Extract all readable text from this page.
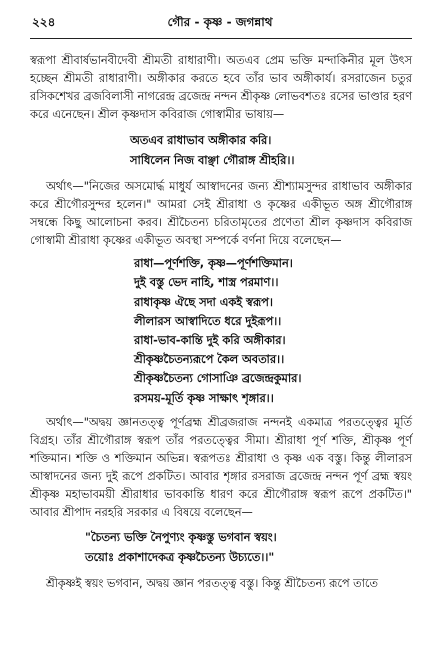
২২৪	গৌর - কৃষ্ণ - জগন্নাথ

স্বরূপা শ্রীবার্ষভানবীদেবী শ্রীমতী রাধারাণী। অতএব প্রেম ভক্তি মন্দাকিনীর মূল উৎস হচ্ছেন শ্রীমতী রাধারাণী। অঙ্গীকার করতে হবে তাঁর ভাব অঙ্গীকার্য। রসরাজেন চতুর রসিকশেখর ব্রজবিলাসী নাগরেন্দ্র ব্রজেন্দ্র নন্দন শ্রীকৃষ্ণ লোভবশতঃ রসের ভাণ্ডার হরণ করে এনেছেন। শ্রীল কৃষ্ণদাস কবিরাজ গোস্বামীর ভাষায়—

অতএব রাধাভাব অঙ্গীকার করি।
সাধিলেন নিজ বাঞ্ছা গৌরাঙ্গ শ্রীহরি।।

অর্থাৎ—"নিজের অসমোর্দ্ধ মাধুর্য আস্বাদনের জন্য শ্রীশ্যামসুন্দর রাধাভাব অঙ্গীকার করে শ্রীগৌরসুন্দর হলেন।" আমরা সেই শ্রীরাধা ও কৃষ্ণের একীভূত অঙ্গ শ্রীগৌরাঙ্গ সম্বন্ধে কিছু আলোচনা করব। শ্রীচৈতন্য চরিতামৃতের প্রণেতা শ্রীল কৃষ্ণদাস কবিরাজ গোস্বামী শ্রীরাধা কৃষ্ণের একীভূত অবস্থা সম্পর্কে বর্ণনা দিয়ে বলেছেন—

রাধা—পূর্ণশক্তি, কৃষ্ণ—পূর্ণশক্তিমান।
দুই বস্তু ভেদ নাহি, শাস্ত্র পরমাণ।।
রাধাকৃষ্ণ ঐছে সদা একই স্বরূপ।
লীলারস আস্বাদিতে ধরে দুইরূপ।।
রাধা-ভাব-কান্তি দুই করি অঙ্গীকার।
শ্রীকৃষ্ণচৈতন্যরূপে কৈল অবতার।।
শ্রীকৃষ্ণচৈতন্য গোসাঞি ব্রজেন্দ্রকুমার।
রসময়-মূর্তি কৃষ্ণ সাক্ষাৎ শৃঙ্গার।।

অর্থাৎ—"অদ্বয় জ্ঞানতত্ত্ব পূর্ণব্রহ্ম শ্রীব্রজরাজ নন্দনই একমাত্র পরতত্ত্বের মূর্তি বিগ্রহ। তাঁর শ্রীগৌরাঙ্গ স্বরূপ তাঁর পরতত্ত্বের সীমা। শ্রীরাধা পূর্ণ শক্তি, শ্রীকৃষ্ণ পূর্ণ শক্তিমান। শক্তি ও শক্তিমান অভিন্ন। স্বরূপতঃ শ্রীরাধা ও কৃষ্ণ এক বস্তু। কিন্তু লীলারস আস্বাদনের জন্য দুই রূপে প্রকটিত। আবার শৃঙ্গার রসরাজ ব্রজেন্দ্র নন্দন পূর্ণ ব্রহ্ম স্বয়ং শ্রীকৃষ্ণ মহাভাবময়ী শ্রীরাধার ভাবকান্তি ধারণ করে শ্রীগৌরাঙ্গ স্বরূপ রূপে প্রকটিত।" আবার শ্রীপাদ নরহরি সরকার এ বিষয়ে বলেছেন—

"চৈতন্য ভক্তি নৈপুণ্যং কৃষ্ণস্তু ভগবান স্বয়ং।
তয়োঃ প্রকাশাদেকত্র কৃষ্ণচৈতন্য উচ্যতে।।"

শ্রীকৃষ্ণই স্বয়ং ভগবান, অদ্বয় জ্ঞান পরতত্ত্ব বস্তু। কিন্তু শ্রীচৈতন্য রূপে তাতে
